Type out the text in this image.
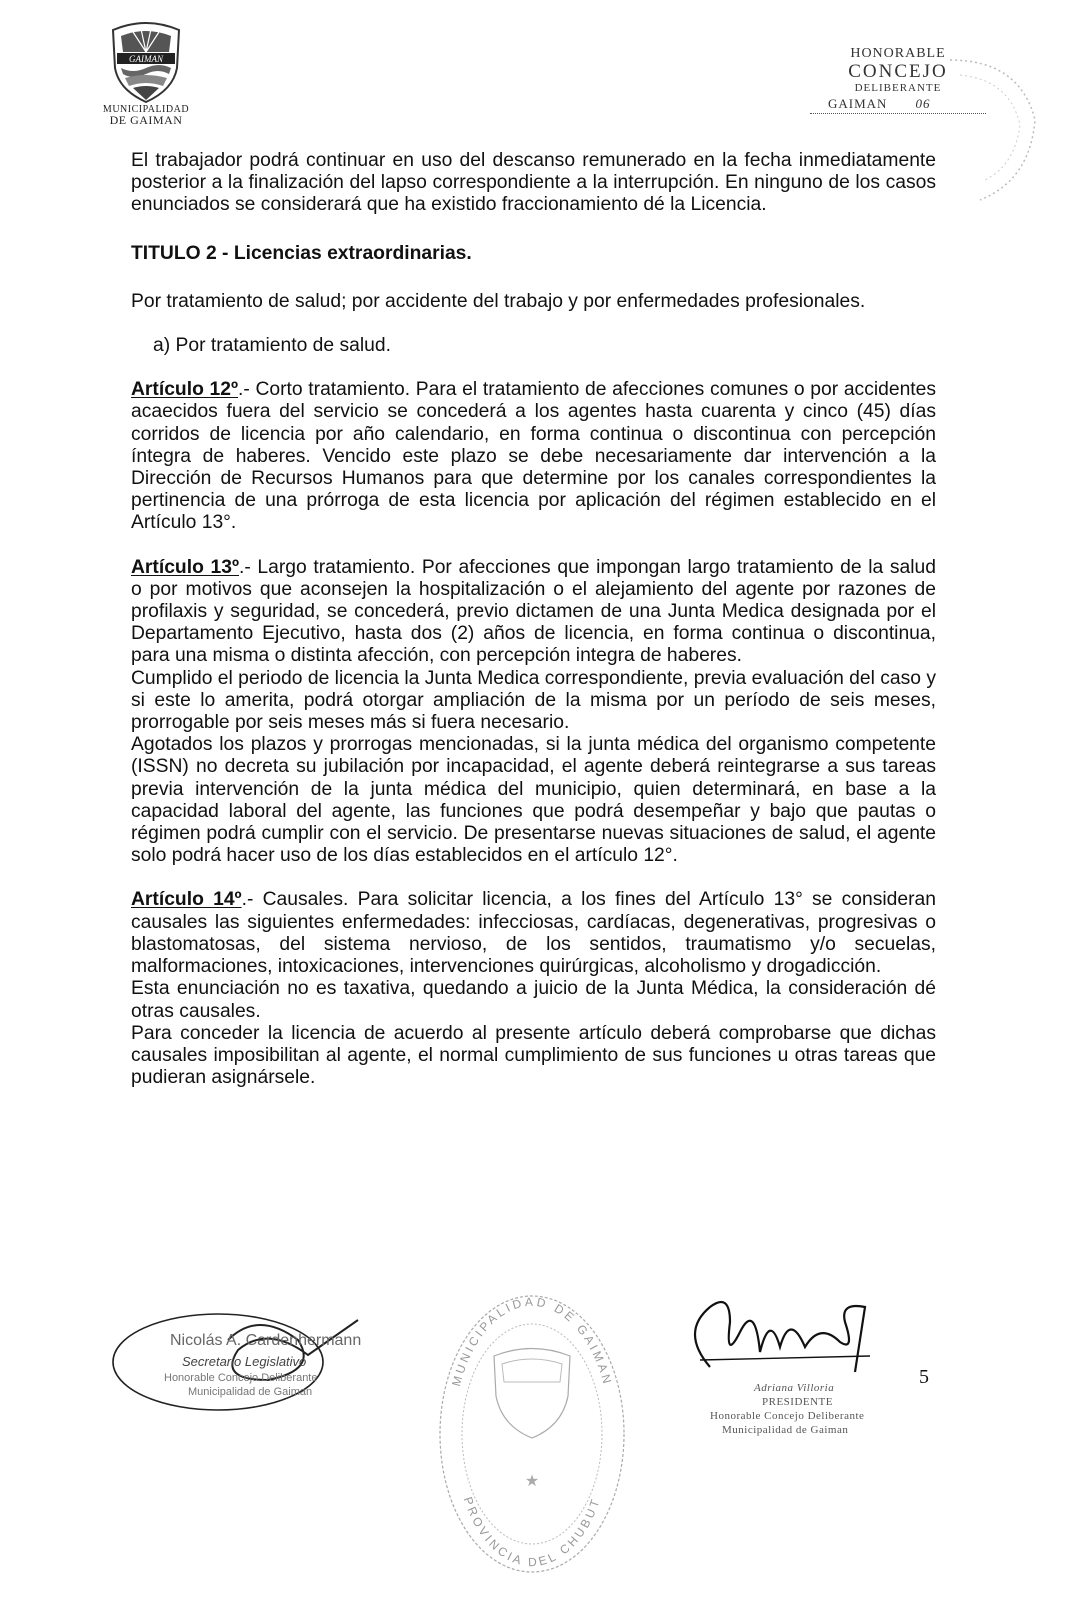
GAIMAN
MUNICIPALIDAD
DE GAIMAN
HONORABLE
CONCEJO
DELIBERANTE
GAIMAN 06

El trabajador podrá continuar en uso del descanso remunerado en la fecha inmediatamente posterior a la finalización del lapso correspondiente a la interrupción. En ninguno de los casos enunciados se considerará que ha existido fraccionamiento dé la Licencia.

TITULO 2 - Licencias extraordinarias.

Por tratamiento de salud; por accidente del trabajo y por enfermedades profesionales.

a) Por tratamiento de salud.

Artículo 12º.- Corto tratamiento. Para el tratamiento de afecciones comunes o por accidentes acaecidos fuera del servicio se concederá a los agentes hasta cuarenta y cinco (45) días corridos de licencia por año calendario, en forma continua o discontinua con percepción íntegra de haberes. Vencido este plazo se debe necesariamente dar intervención a la Dirección de Recursos Humanos para que determine por los canales correspondientes la pertinencia de una prórroga de esta licencia por aplicación del régimen establecido en el Artículo 13°.

Artículo 13º.- Largo tratamiento. Por afecciones que impongan largo tratamiento de la salud o por motivos que aconsejen la hospitalización o el alejamiento del agente por razones de profilaxis y seguridad, se concederá, previo dictamen de una Junta Medica designada por el Departamento Ejecutivo, hasta dos (2) años de licencia, en forma continua o discontinua, para una misma o distinta afección, con percepción integra de haberes.

Cumplido el periodo de licencia la Junta Medica correspondiente, previa evaluación del caso y si este lo amerita, podrá otorgar ampliación de la misma por un período de seis meses, prorrogable por seis meses más si fuera necesario.

Agotados los plazos y prorrogas mencionadas, si la junta médica del organismo competente (ISSN) no decreta su jubilación por incapacidad, el agente deberá reintegrarse a sus tareas previa intervención de la junta médica del municipio, quien determinará, en base a la capacidad laboral del agente, las funciones que podrá desempeñar y bajo que pautas o régimen podrá cumplir con el servicio. De presentarse nuevas situaciones de salud, el agente solo podrá hacer uso de los días establecidos en el artículo 12°.

Artículo 14º.- Causales. Para solicitar licencia, a los fines del Artículo 13° se consideran causales las siguientes enfermedades: infecciosas, cardíacas, degenerativas, progresivas o blastomatosas, del sistema nervioso, de los sentidos, traumatismo y/o secuelas, malformaciones, intoxicaciones, intervenciones quirúrgicas, alcoholismo y drogadicción.

Esta enunciación no es taxativa, quedando a juicio de la Junta Médica, la consideración dé otras causales.

Para conceder la licencia de acuerdo al presente artículo deberá comprobarse que dichas causales imposibilitan al agente, el normal cumplimiento de sus funciones u otras tareas que pudieran asignársele.

Nicolás A. Cardenhermann
Secretario Legislativo
Honorable Concejo Deliberante
Municipalidad de Gaiman
MUNICIPALIDAD DE GAIMAN
PROVINCIA DEL CHUBUT
★
Adriana Villoria
PRESIDENTE
Honorable Concejo Deliberante
Municipalidad de Gaiman
5
